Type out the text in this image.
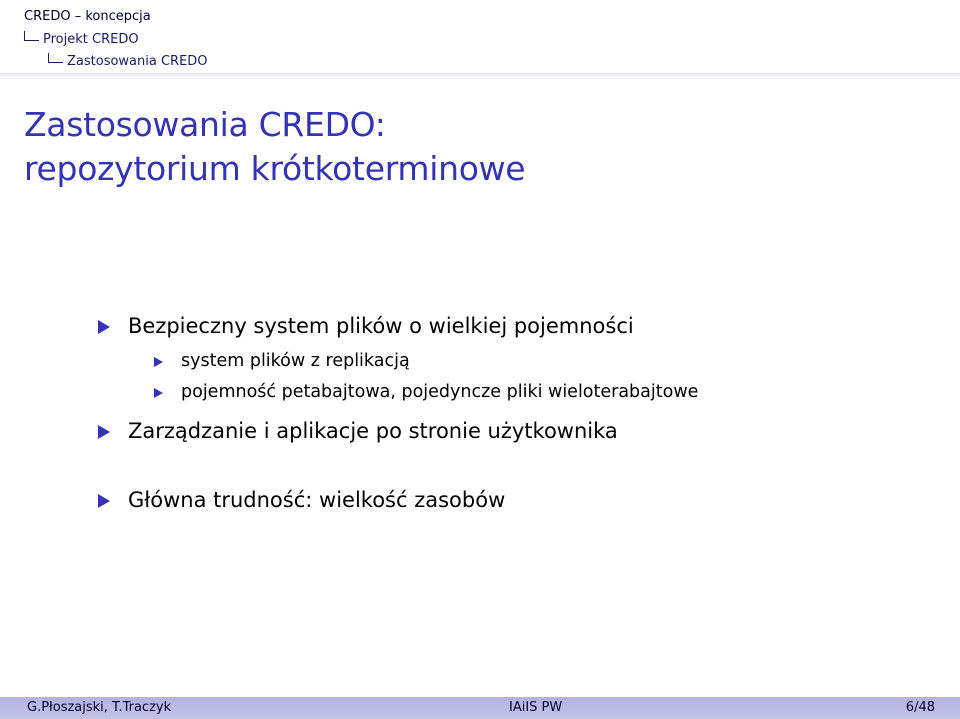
CREDO – koncepcja
Projekt CREDO
Zastosowania CREDO
Zastosowania CREDO:
repozytorium krótkoterminowe
Bezpieczny system plików o wielkiej pojemności
system plików z replikacją
pojemność petabajtowa, pojedyncze pliki wieloterabajtowe
Zarządzanie i aplikacje po stronie użytkownika
Główna trudność: wielkość zasobów
G.Płoszajski, T.Traczyk	IAiIS PW	6/48
